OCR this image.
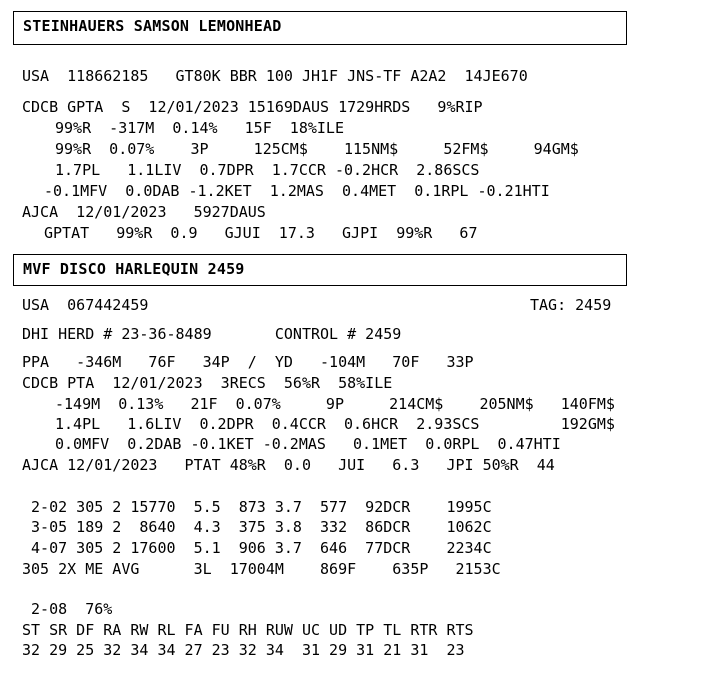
STEINHAUERS SAMSON LEMONHEAD
USA  118662185   GT80K BBR 100 JH1F JNS-TF A2A2  14JE670
CDCB GPTA  S  12/01/2023 15169DAUS 1729HRDS   9%RIP
99%R  -317M  0.14%   15F  18%ILE
99%R  0.07%    3P     125CM$    115NM$     52FM$     94GM$
1.7PL   1.1LIV  0.7DPR  1.7CCR -0.2HCR  2.86SCS
-0.1MFV  0.0DAB -1.2KET  1.2MAS  0.4MET  0.1RPL -0.21HTI
AJCA  12/01/2023   5927DAUS
GPTAT   99%R  0.9   GJUI  17.3   GJPI  99%R   67
MVF DISCO HARLEQUIN 2459
USA  067442459	TAG: 2459
DHI HERD # 23-36-8489       CONTROL # 2459
PPA   -346M   76F   34P  /  YD   -104M   70F   33P
CDCB PTA  12/01/2023  3RECS  56%R  58%ILE
-149M  0.13%   21F  0.07%     9P     214CM$    205NM$   140FM$
1.4PL   1.6LIV  0.2DPR  0.4CCR  0.6HCR  2.93SCS         192GM$
0.0MFV  0.2DAB -0.1KET -0.2MAS   0.1MET  0.0RPL  0.47HTI
AJCA 12/01/2023   PTAT 48%R  0.0   JUI   6.3   JPI 50%R  44
2-02 305 2 15770  5.5  873 3.7  577  92DCR    1995C
3-05 189 2  8640  4.3  375 3.8  332  86DCR    1062C
4-07 305 2 17600  5.1  906 3.7  646  77DCR    2234C
305 2X ME AVG      3L  17004M    869F    635P   2153C
2-08  76%
ST SR DF RA RW RL FA FU RH RUW UC UD TP TL RTR RTS
32 29 25 32 34 34 27 23 32 34  31 29 31 21 31  23
